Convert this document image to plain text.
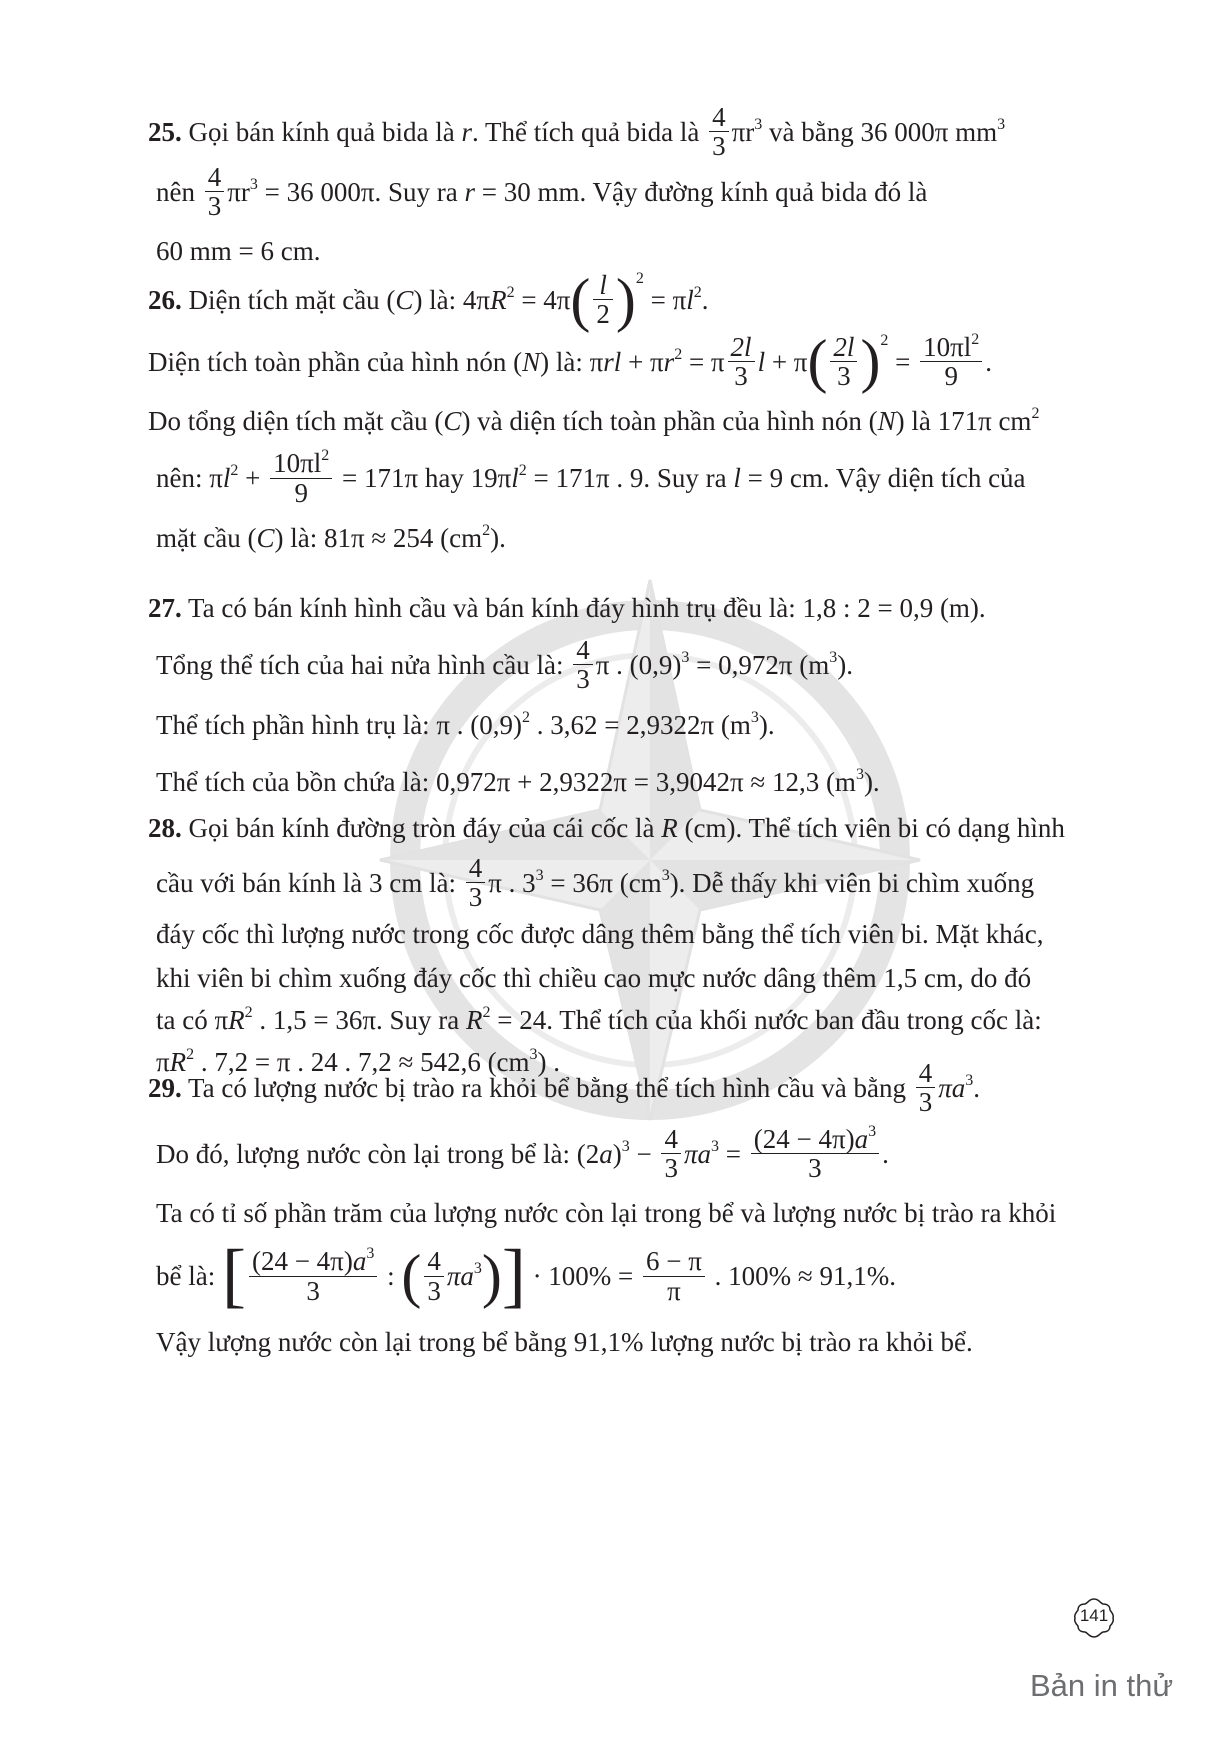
25. Gọi bán kính quả bida là r. Thể tích quả bida là $\frac{4}{3} \pi r^3$ và bằng 36 000π $mm^3$

nên $\frac{4}{3} \pi r^3 = 36$ 000π. Suy ra r = 30 mm. Vậy đường kính quả bida đó là

60 mm = 6 cm.

26. Diện tích mặt cầu (C) là: $4\pi R^2 = 4\pi( \frac{l}{2} )^2 = \pi l^2$.

Diện tích toàn phần của hình nón (N) là: $\pi rl + \pi r^2 = \pi \frac{2l}{3}$ $l + \pi( \frac{2l}{3} )^2 = \frac{10\pi l^2}{9}$ .

Do tổng diện tích mặt cầu (C) và diện tích toàn phần của hình nón (N) là 171π $cm^2$

nên: $\pi l^2 + \frac{10\pi l^2}{9} = 171\pi$ hay $19\pi l^2 = 171\pi$ . 9. Suy ra l = 9 cm. Vậy diện tích của

mặt cầu (C) là: 81π ≈ 254 $(cm^2)$.

27. Ta có bán kính hình cầu và bán kính đáy hình trụ đều là: 1,8 : 2 = 0,9 (m).

Tổng thể tích của hai nửa hình cầu là: $\frac{4}{3}$ π . $(0,9)^3 = 0,972\pi$ $(m^3)$.

Thể tích phần hình trụ là: π . $(0,9)^2$ . 3,62 = 2,9322π $(m^3)$.

Thể tích của bồn chứa là: 0,972π + 2,9322π = 3,9042π ≈ 12,3 $(m^3)$.

28. Gọi bán kính đường tròn đáy của cái cốc là R (cm). Thể tích viên bi có dạng hình

cầu với bán kính là 3 cm là: $\frac{4}{3}$ π . $3^3 = 36\pi$ $(cm^3)$. Dễ thấy khi viên bi chìm xuống

đáy cốc thì lượng nước trong cốc được dâng thêm bằng thể tích viên bi. Mặt khác,

khi viên bi chìm xuống đáy cốc thì chiều cao mực nước dâng thêm 1,5 cm, do đó

ta có $\pi R^2$ . 1,5 = 36π. Suy ra $R^2 = 24$. Thể tích của khối nước ban đầu trong cốc là:

$\pi R^2$ . 7,2 = π . 24 . 7,2 ≈ 542,6 $(cm^3)$ .

29. Ta có lượng nước bị trào ra khỏi bể bằng thể tích hình cầu và bằng $\frac{4}{3} \pi a^3$.

Do đó, lượng nước còn lại trong bể là: $(2a)^3 - \frac{4}{3} \pi a^3 = \frac{(24 - 4\pi)a^3}{3}$ .

Ta có tỉ số phần trăm của lượng nước còn lại trong bể và lượng nước bị trào ra khỏi

bể là: [ $\frac{(24 - 4\pi)a^3}{3}$ : ( $\frac{4}{3} \pi a^3)] \cdot 100\% = \frac{6 - \pi}{\pi}$ . 100% ≈ 91,1%.

Vậy lượng nước còn lại trong bể bằng 91,1% lượng nước bị trào ra khỏi bể.

141
Bản in thử
